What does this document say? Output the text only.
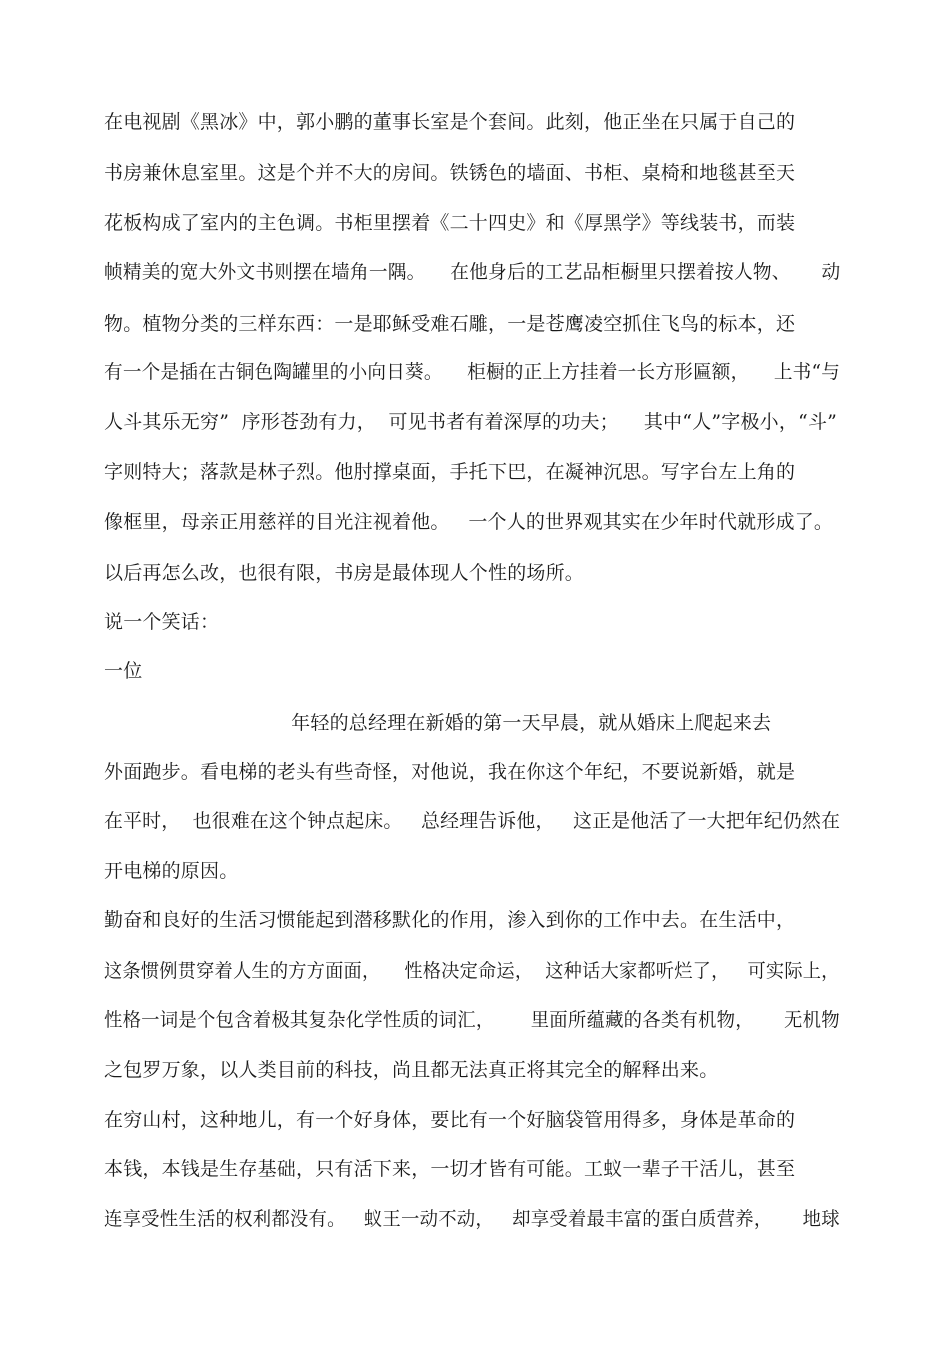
在电视剧《黑冰》中，郭小鹏的董事长室是个套间。此刻，他正坐在只属于自己的
书房兼休息室里。这是个并不大的房间。铁锈色的墙面、书柜、桌椅和地毯甚至天
花板构成了室内的主色调。书柜里摆着《二十四史》和《厚黑学》等线装书，而装
帧精美的宽大外文书则摆在墙角一隅。    在他身后的工艺品柜橱里只摆着按人物、     动
物。植物分类的三样东西：一是耶稣受难石雕，一是苍鹰凌空抓住飞鸟的标本，还
有一个是插在古铜色陶罐里的小向日葵。    柜橱的正上方挂着一长方形匾额，    上书“与
人斗其乐无穷”  序形苍劲有力，  可见书者有着深厚的功夫；    其中“人”字极小，“斗”
字则特大；落款是林子烈。他肘撑桌面，手托下巴，在凝神沉思。写字台左上角的
像框里，母亲正用慈祥的目光注视着他。   一个人的世界观其实在少年时代就形成了。
以后再怎么改，也很有限，书房是最体现人个性的场所。
说一个笑话：
一位
年轻的总经理在新婚的第一天早晨，就从婚床上爬起来去
外面跑步。看电梯的老头有些奇怪，对他说，我在你这个年纪，不要说新婚，就是
在平时，  也很难在这个钟点起床。   总经理告诉他，   这正是他活了一大把年纪仍然在
开电梯的原因。
勤奋和良好的生活习惯能起到潜移默化的作用，渗入到你的工作中去。在生活中，
这条惯例贯穿着人生的方方面面，    性格决定命运，  这种话大家都听烂了，   可实际上，
性格一词是个包含着极其复杂化学性质的词汇，      里面所蕴藏的各类有机物，     无机物
之包罗万象，以人类目前的科技，尚且都无法真正将其完全的解释出来。
在穷山村，这种地儿，有一个好身体，要比有一个好脑袋管用得多，身体是革命的
本钱，本钱是生存基础，只有活下来，一切才皆有可能。工蚁一辈子干活儿，甚至
连享受性生活的权利都没有。   蚁王一动不动，   却享受着最丰富的蛋白质营养，     地球
